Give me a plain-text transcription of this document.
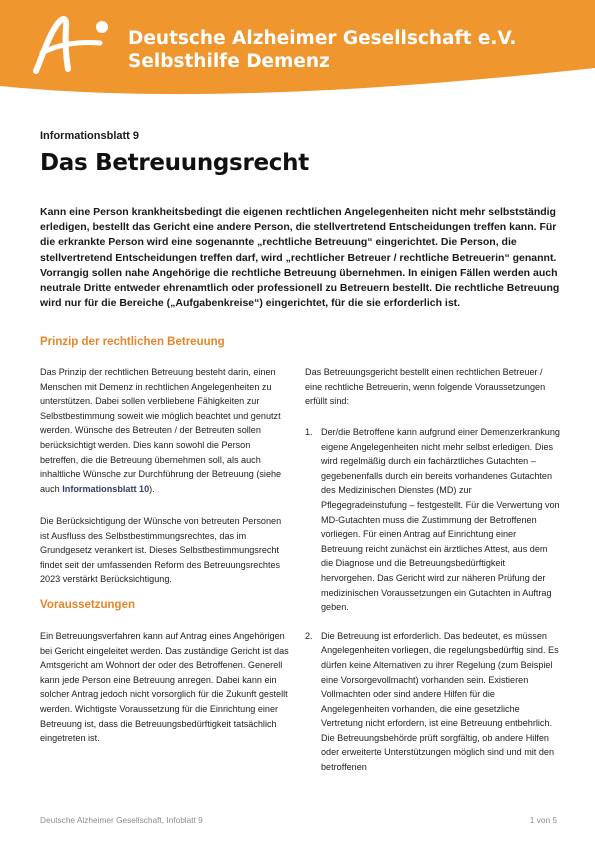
Deutsche Alzheimer Gesellschaft e.V.
Selbsthilfe Demenz
Informationsblatt 9
Das Betreuungsrecht

Kann eine Person krankheitsbedingt die eigenen rechtlichen Angelegenheiten nicht mehr selbstständig erledigen, bestellt das Gericht eine andere Person, die stellvertretend Entscheidungen treffen kann. Für die erkrankte Person wird eine sogenannte „rechtliche Betreuung“ eingerichtet. Die Person, die stellvertretend Entscheidungen treffen darf, wird „rechtlicher Betreuer / rechtliche Betreuerin“ genannt. Vorrangig sollen nahe Angehörige die rechtliche Betreuung übernehmen. In einigen Fällen werden auch neutrale Dritte entweder ehrenamtlich oder professionell zu Betreuern bestellt. Die rechtliche Betreuung wird nur für die Bereiche („Aufgabenkreise“) eingerichtet, für die sie erforderlich ist.

Prinzip der rechtlichen Betreuung

Das Prinzip der rechtlichen Betreuung besteht darin, einen Menschen mit Demenz in rechtlichen Angelegenheiten zu unterstützen. Dabei sollen verbliebene Fähigkeiten zur Selbstbestimmung soweit wie möglich beachtet und genutzt werden. Wünsche des Betreuten / der Betreuten sollen berücksichtigt werden. Dies kann sowohl die Person betreffen, die die Betreuung übernehmen soll, als auch inhaltliche Wünsche zur Durchführung der Betreuung (siehe auch Informationsblatt 10).

Die Berücksichtigung der Wünsche von betreuten Personen ist Ausfluss des Selbstbestimmungsrechtes, das im Grundgesetz verankert ist. Dieses Selbstbestimmungsrecht findet seit der umfassenden Reform des Betreuungsrechtes 2023 verstärkt Berücksichtigung.

Voraussetzungen

Ein Betreuungsverfahren kann auf Antrag eines Angehörigen bei Gericht eingeleitet werden. Das zuständige Gericht ist das Amtsgericht am Wohnort der oder des Betroffenen. Generell kann jede Person eine Betreuung anregen. Dabei kann ein solcher Antrag jedoch nicht vorsorglich für die Zukunft gestellt werden. Wichtigste Voraussetzung für die Einrichtung einer Betreuung ist, dass die Betreuungsbedürftigkeit tatsächlich eingetreten ist.

Das Betreuungsgericht bestellt einen rechtlichen Betreuer / eine rechtliche Betreuerin, wenn folgende Voraussetzungen erfüllt sind:

1. Der/die Betroffene kann aufgrund einer Demenzerkrankung eigene Angelegenheiten nicht mehr selbst erledigen. Dies wird regelmäßig durch ein fachärztliches Gutachten – gegebenenfalls durch ein bereits vorhandenes Gutachten des Medizinischen Dienstes (MD) zur Pflegegradeinstufung – festgestellt. Für die Verwertung von MD-Gutachten muss die Zustimmung der Betroffenen vorliegen. Für einen Antrag auf Einrichtung einer Betreuung reicht zunächst ein ärztliches Attest, aus dem die Diagnose und die Betreuungsbedürftigkeit hervorgehen. Das Gericht wird zur näheren Prüfung der medizinischen Voraussetzungen ein Gutachten in Auftrag geben.
2. Die Betreuung ist erforderlich. Das bedeutet, es müssen Angelegenheiten vorliegen, die regelungsbedürftig sind. Es dürfen keine Alternativen zu ihrer Regelung (zum Beispiel eine Vorsorgevollmacht) vorhanden sein. Existieren Vollmachten oder sind andere Hilfen für die Angelegenheiten vorhanden, die eine gesetzliche Vertretung nicht erfordern, ist eine Betreuung entbehrlich. Die Betreuungsbehörde prüft sorgfältig, ob andere Hilfen oder erweiterte Unterstützungen möglich sind und mit den betroffenen
Deutsche Alzheimer Gesellschaft, Infoblatt 9	1 von 5
